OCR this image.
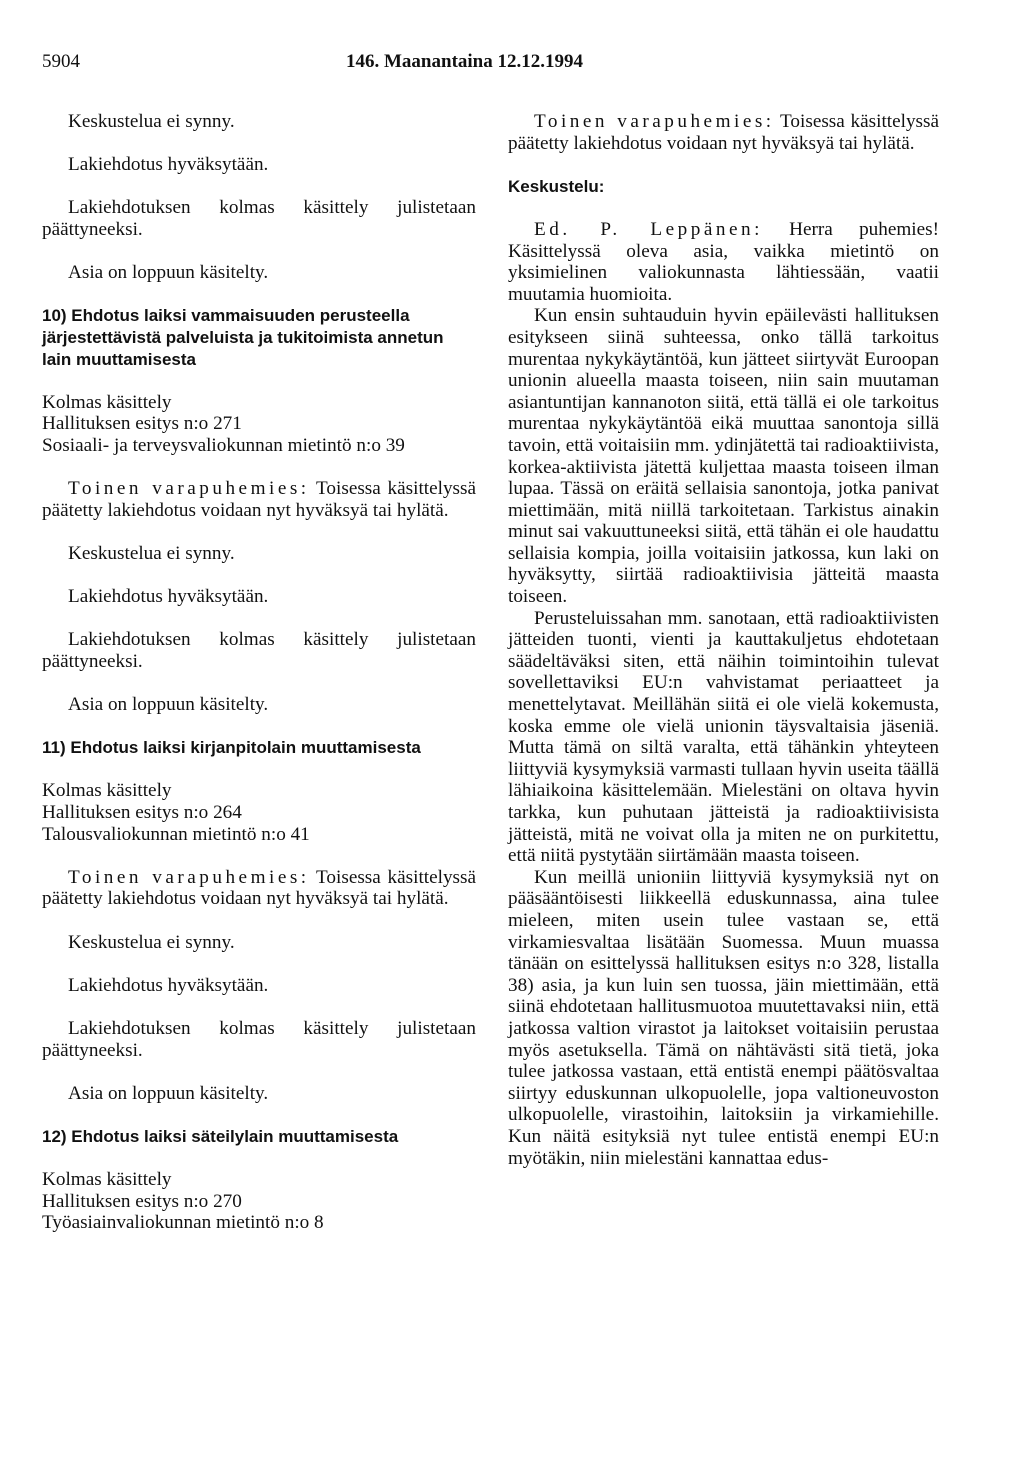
5904	146. Maanantaina 12.12.1994

Keskustelua ei synny.

Lakiehdotus hyväksytään.

Lakiehdotuksen kolmas käsittely julistetaan päättyneeksi.

Asia on loppuun käsitelty.

10) Ehdotus laiksi vammaisuuden perusteella järjestettävistä palveluista ja tukitoimista annetun lain muuttamisesta

Kolmas käsittely
Hallituksen esitys n:o 271
Sosiaali- ja terveysvaliokunnan mietintö n:o 39

Toinen varapuhemies: Toisessa käsittelyssä päätetty lakiehdotus voidaan nyt hyväksyä tai hylätä.

Keskustelua ei synny.

Lakiehdotus hyväksytään.

Lakiehdotuksen kolmas käsittely julistetaan päättyneeksi.

Asia on loppuun käsitelty.

11) Ehdotus laiksi kirjanpitolain muuttamisesta

Kolmas käsittely
Hallituksen esitys n:o 264
Talousvaliokunnan mietintö n:o 41

Toinen varapuhemies: Toisessa käsittelyssä päätetty lakiehdotus voidaan nyt hyväksyä tai hylätä.

Keskustelua ei synny.

Lakiehdotus hyväksytään.

Lakiehdotuksen kolmas käsittely julistetaan päättyneeksi.

Asia on loppuun käsitelty.

12) Ehdotus laiksi säteilylain muuttamisesta

Kolmas käsittely
Hallituksen esitys n:o 270
Työasiainvaliokunnan mietintö n:o 8

Toinen varapuhemies: Toisessa käsittelyssä päätetty lakiehdotus voidaan nyt hyväksyä tai hylätä.

Keskustelu:

Ed. P. Leppänen: Herra puhemies! Käsittelyssä oleva asia, vaikka mietintö on yksimielinen valiokunnasta lähtiessään, vaatii muutamia huomioita.

Kun ensin suhtauduin hyvin epäilevästi hallituksen esitykseen siinä suhteessa, onko tällä tarkoitus murentaa nykykäytäntöä, kun jätteet siirtyvät Euroopan unionin alueella maasta toiseen, niin sain muutaman asiantuntijan kannanoton siitä, että tällä ei ole tarkoitus murentaa nykykäytäntöä eikä muuttaa sanontoja sillä tavoin, että voitaisiin mm. ydinjätettä tai radioaktiivista, korkea-aktiivista jätettä kuljettaa maasta toiseen ilman lupaa. Tässä on eräitä sellaisia sanontoja, jotka panivat miettimään, mitä niillä tarkoitetaan. Tarkistus ainakin minut sai vakuuttuneeksi siitä, että tähän ei ole haudattu sellaisia kompia, joilla voitaisiin jatkossa, kun laki on hyväksytty, siirtää radioaktiivisia jätteitä maasta toiseen.

Perusteluissahan mm. sanotaan, että radioaktiivisten jätteiden tuonti, vienti ja kauttakuljetus ehdotetaan säädeltäväksi siten, että näihin toimintoihin tulevat sovellettaviksi EU:n vahvistamat periaatteet ja menettelytavat. Meillähän siitä ei ole vielä kokemusta, koska emme ole vielä unionin täysvaltaisia jäseniä. Mutta tämä on siltä varalta, että tähänkin yhteyteen liittyviä kysymyksiä varmasti tullaan hyvin useita täällä lähiaikoina käsittelemään. Mielestäni on oltava hyvin tarkka, kun puhutaan jätteistä ja radioaktiivisista jätteistä, mitä ne voivat olla ja miten ne on purkitettu, että niitä pystytään siirtämään maasta toiseen.

Kun meillä unioniin liittyviä kysymyksiä nyt on pääsääntöisesti liikkeellä eduskunnassa, aina tulee mieleen, miten usein tulee vastaan se, että virkamiesvaltaa lisätään Suomessa. Muun muassa tänään on esittelyssä hallituksen esitys n:o 328, listalla 38) asia, ja kun luin sen tuossa, jäin miettimään, että siinä ehdotetaan hallitusmuotoa muutettavaksi niin, että jatkossa valtion virastot ja laitokset voitaisiin perustaa myös asetuksella. Tämä on nähtävästi sitä tietä, joka tulee jatkossa vastaan, että entistä enempi päätösvaltaa siirtyy eduskunnan ulkopuolelle, jopa valtioneuvoston ulkopuolelle, virastoihin, laitoksiin ja virkamiehille. Kun näitä esityksiä nyt tulee entistä enempi EU:n myötäkin, niin mielestäni kannattaa edus-
